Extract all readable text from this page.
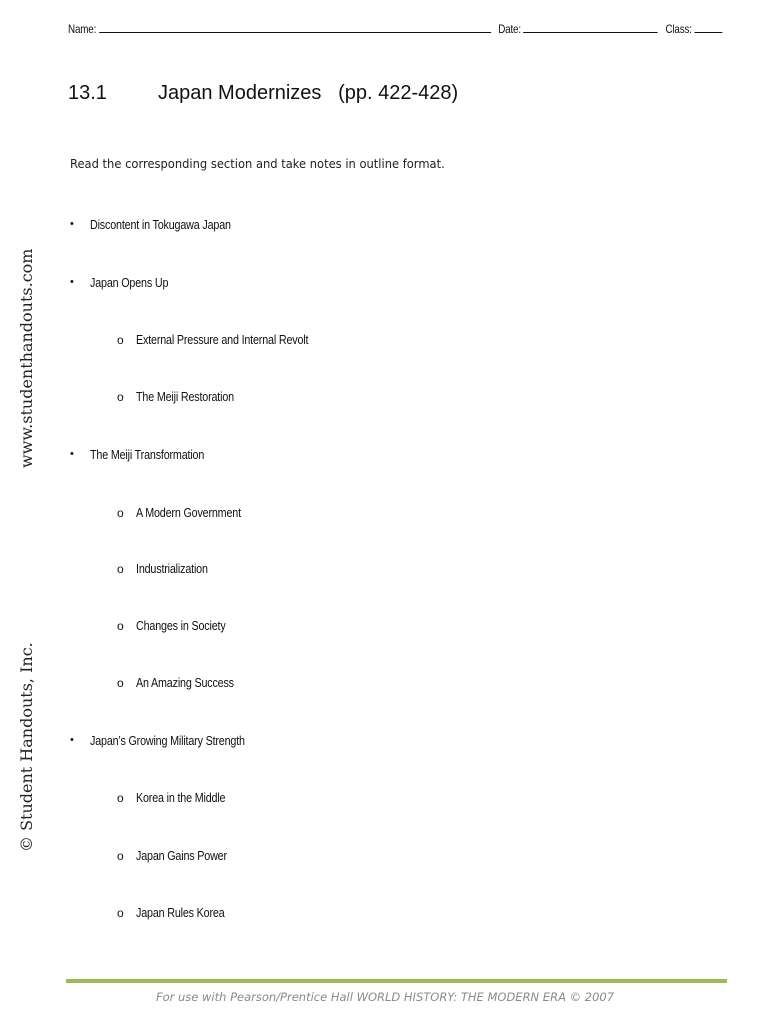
Name:	Date:	Class:
13.1	Japan Modernizes   (pp. 422-428)
Read the corresponding section and take notes in outline format.
• Discontent in Tokugawa Japan
• Japan Opens Up
o External Pressure and Internal Revolt
o The Meiji Restoration
• The Meiji Transformation
o A Modern Government
o Industrialization
o Changes in Society
o An Amazing Success
• Japan’s Growing Military Strength
o Korea in the Middle
o Japan Gains Power
o Japan Rules Korea
www.studenthandouts.com
© Student Handouts, Inc.
For use with Pearson/Prentice Hall WORLD HISTORY: THE MODERN ERA © 2007
